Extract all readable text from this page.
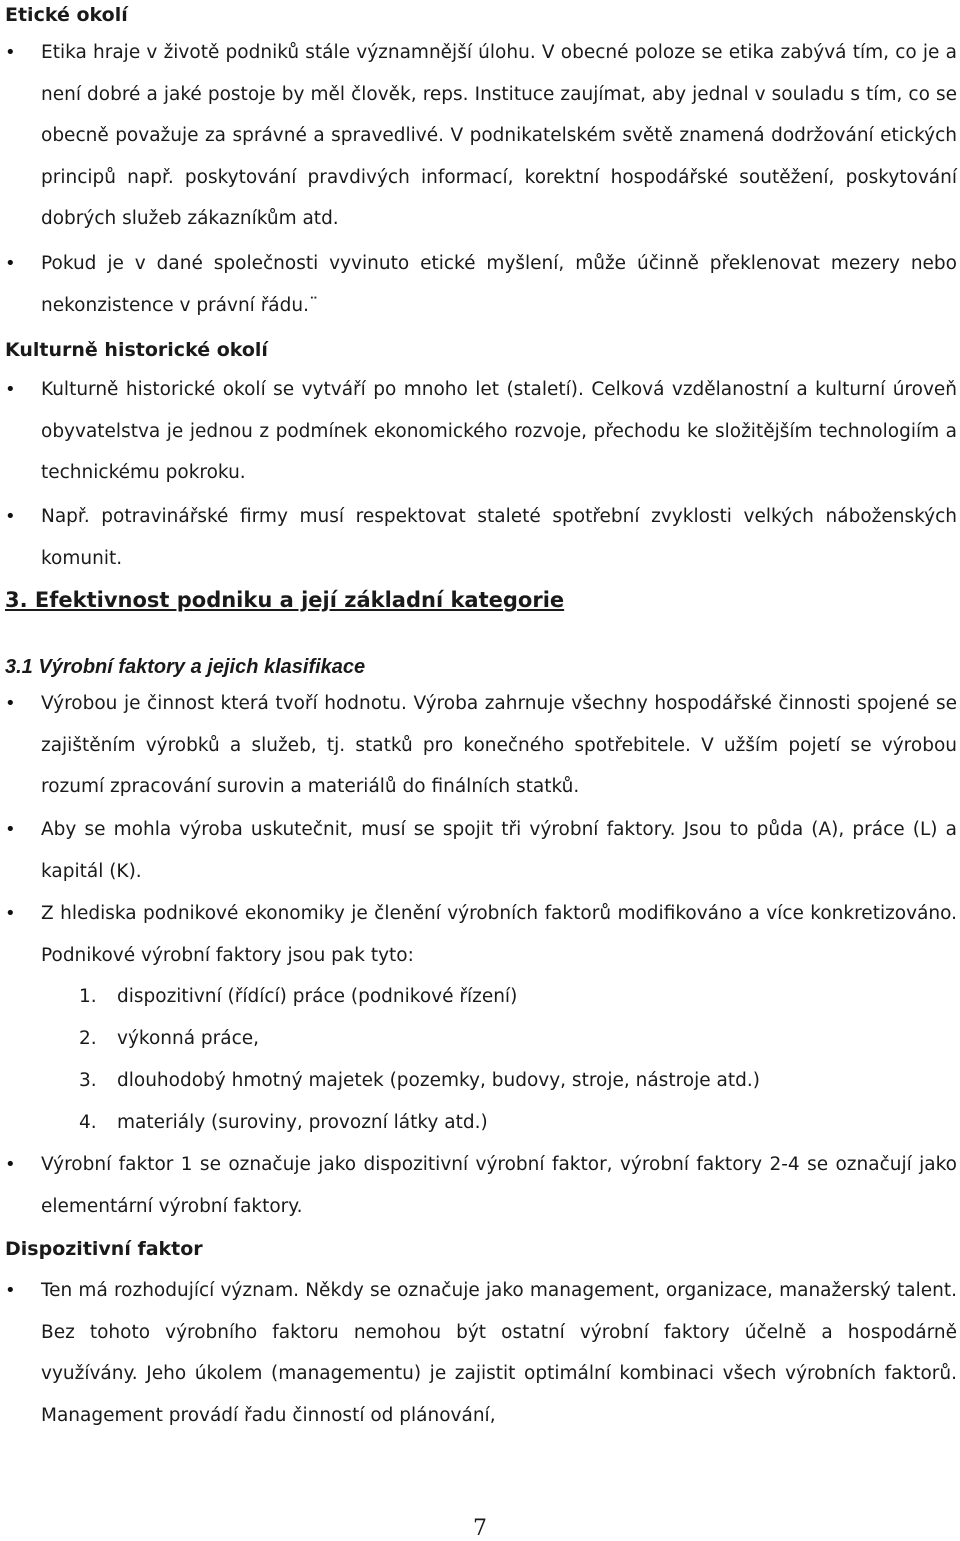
Etické okolí
• Etika hraje v životě podniků stále významnější úlohu. V obecné poloze se etika zabývá tím, co je a není dobré a jaké postoje by měl člověk, reps. Instituce zaujímat, aby jednal v souladu s tím, co se obecně považuje za správné a spravedlivé. V podnikatelském světě znamená dodržování etických principů např. poskytování pravdivých informací, korektní hospodářské soutěžení, poskytování dobrých služeb zákazníkům atd.
• Pokud je v dané společnosti vyvinuto etické myšlení, může účinně překlenovat mezery nebo nekonzistence v právní řádu.¨
Kulturně historické okolí
• Kulturně historické okolí se vytváří po mnoho let (staletí). Celková vzdělanostní a kulturní úroveň obyvatelstva je jednou z podmínek ekonomického rozvoje, přechodu ke složitějším technologiím a technickému pokroku.
• Např. potravinářské firmy musí respektovat staleté spotřební zvyklosti velkých náboženských komunit.
3. Efektivnost podniku a její základní kategorie
3.1 Výrobní faktory a jejich klasifikace
• Výrobou je činnost která tvoří hodnotu. Výroba zahrnuje všechny hospodářské činnosti spojené se zajištěním výrobků a služeb, tj. statků pro konečného spotřebitele. V užším pojetí se výrobou rozumí zpracování surovin a materiálů do finálních statků.
• Aby se mohla výroba uskutečnit, musí se spojit tři výrobní faktory. Jsou to půda (A), práce (L) a kapitál (K).
• Z hlediska podnikové ekonomiky je členění výrobních faktorů modifikováno a více konkretizováno. Podnikové výrobní faktory jsou pak tyto:
1. dispozitivní (řídící) práce (podnikové řízení)
2. výkonná práce,
3. dlouhodobý hmotný majetek (pozemky, budovy, stroje, nástroje atd.)
4. materiály (suroviny, provozní látky atd.)
• Výrobní faktor 1 se označuje jako dispozitivní výrobní faktor, výrobní faktory 2-4 se označují jako elementární výrobní faktory.
Dispozitivní faktor
• Ten má rozhodující význam. Někdy se označuje jako management, organizace, manažerský talent. Bez tohoto výrobního faktoru nemohou být ostatní výrobní faktory účelně a hospodárně využívány. Jeho úkolem (managementu) je zajistit optimální kombinaci všech výrobních faktorů. Management provádí řadu činností od plánování,
7
